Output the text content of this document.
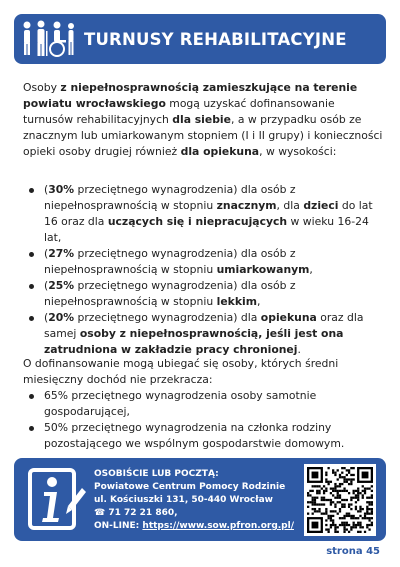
TURNUSY REHABILITACYJNE
Osoby z niepełnosprawnością zamieszkujące na terenie powiatu wrocławskiego mogą uzyskać dofinansowanie turnusów rehabilitacyjnych dla siebie, a w przypadku osób ze znacznym lub umiarkowanym stopniem (I i II grupy) i konieczności opieki osoby drugiej również dla opiekuna, w wysokości:
(30% przeciętnego wynagrodzenia) dla osób z niepełnosprawnością w stopniu znacznym, dla dzieci do lat 16 oraz dla uczących się i niepracujących w wieku 16-24 lat,
(27% przeciętnego wynagrodzenia) dla osób z niepełnosprawnością w stopniu umiarkowanym,
(25% przeciętnego wynagrodzenia) dla osób z niepełnosprawnością w stopniu lekkim,
(20% przeciętnego wynagrodzenia) dla opiekuna oraz dla samej osoby z niepełnosprawnością, jeśli jest ona zatrudniona w zakładzie pracy chronionej.
O dofinansowanie mogą ubiegać się osoby, których średni miesięczny dochód nie przekracza:
65% przeciętnego wynagrodzenia osoby samotnie gospodarującej,
50% przeciętnego wynagrodzenia na członka rodziny pozostającego we wspólnym gospodarstwie domowym.
OSOBIŚCIE LUB POCZTĄ:
Powiatowe Centrum Pomocy Rodzinie
ul. Kościuszki 131, 50-440 Wrocław
☎ 71 72 21 860,
ON-LINE: https://www.sow.pfron.org.pl/
strona 45
